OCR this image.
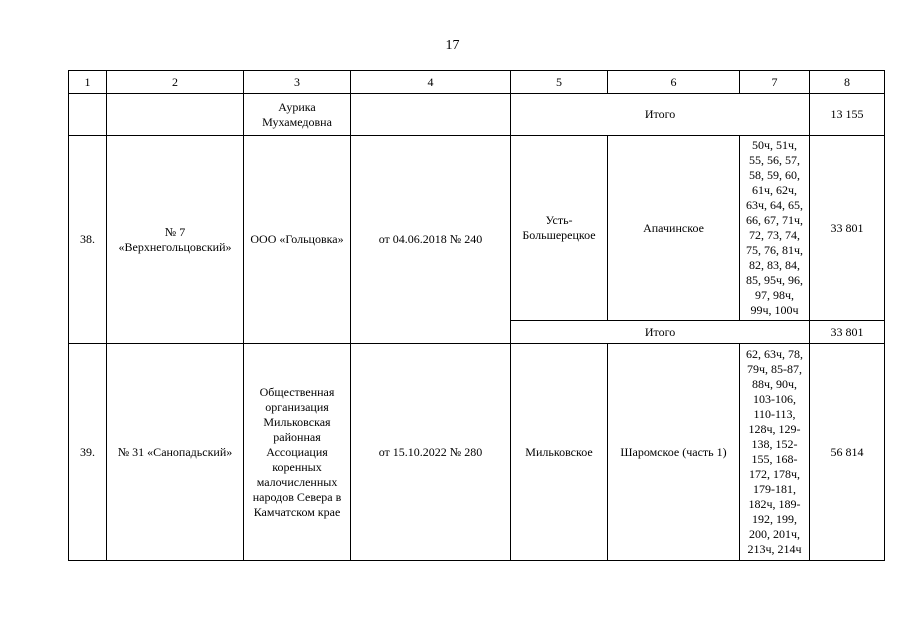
17
1	2	3	4	5	6	7	8
		Аурика Мухамедовна		Итого			13 155
38.	№ 7 «Верхнегольцовский»	ООО «Гольцовка»	от 04.06.2018 № 240	Усть-Большерецкое	Апачинское	50ч, 51ч, 55, 56, 57, 58, 59, 60, 61ч, 62ч, 63ч, 64, 65, 66, 67, 71ч, 72, 73, 74, 75, 76, 81ч, 82, 83, 84, 85, 95ч, 96, 97, 98ч, 99ч, 100ч	33 801
				Итого			33 801
39.	№ 31 «Санопадьский»	Общественная организация Мильковская районная Ассоциация коренных малочисленных народов Севера в Камчатском крае	от 15.10.2022 № 280	Мильковское	Шаромское (часть 1)	62, 63ч, 78, 79ч, 85-87, 88ч, 90ч, 103-106, 110-113, 128ч, 129-138, 152-155, 168-172, 178ч, 179-181, 182ч, 189-192, 199, 200, 201ч, 213ч, 214ч	56 814
